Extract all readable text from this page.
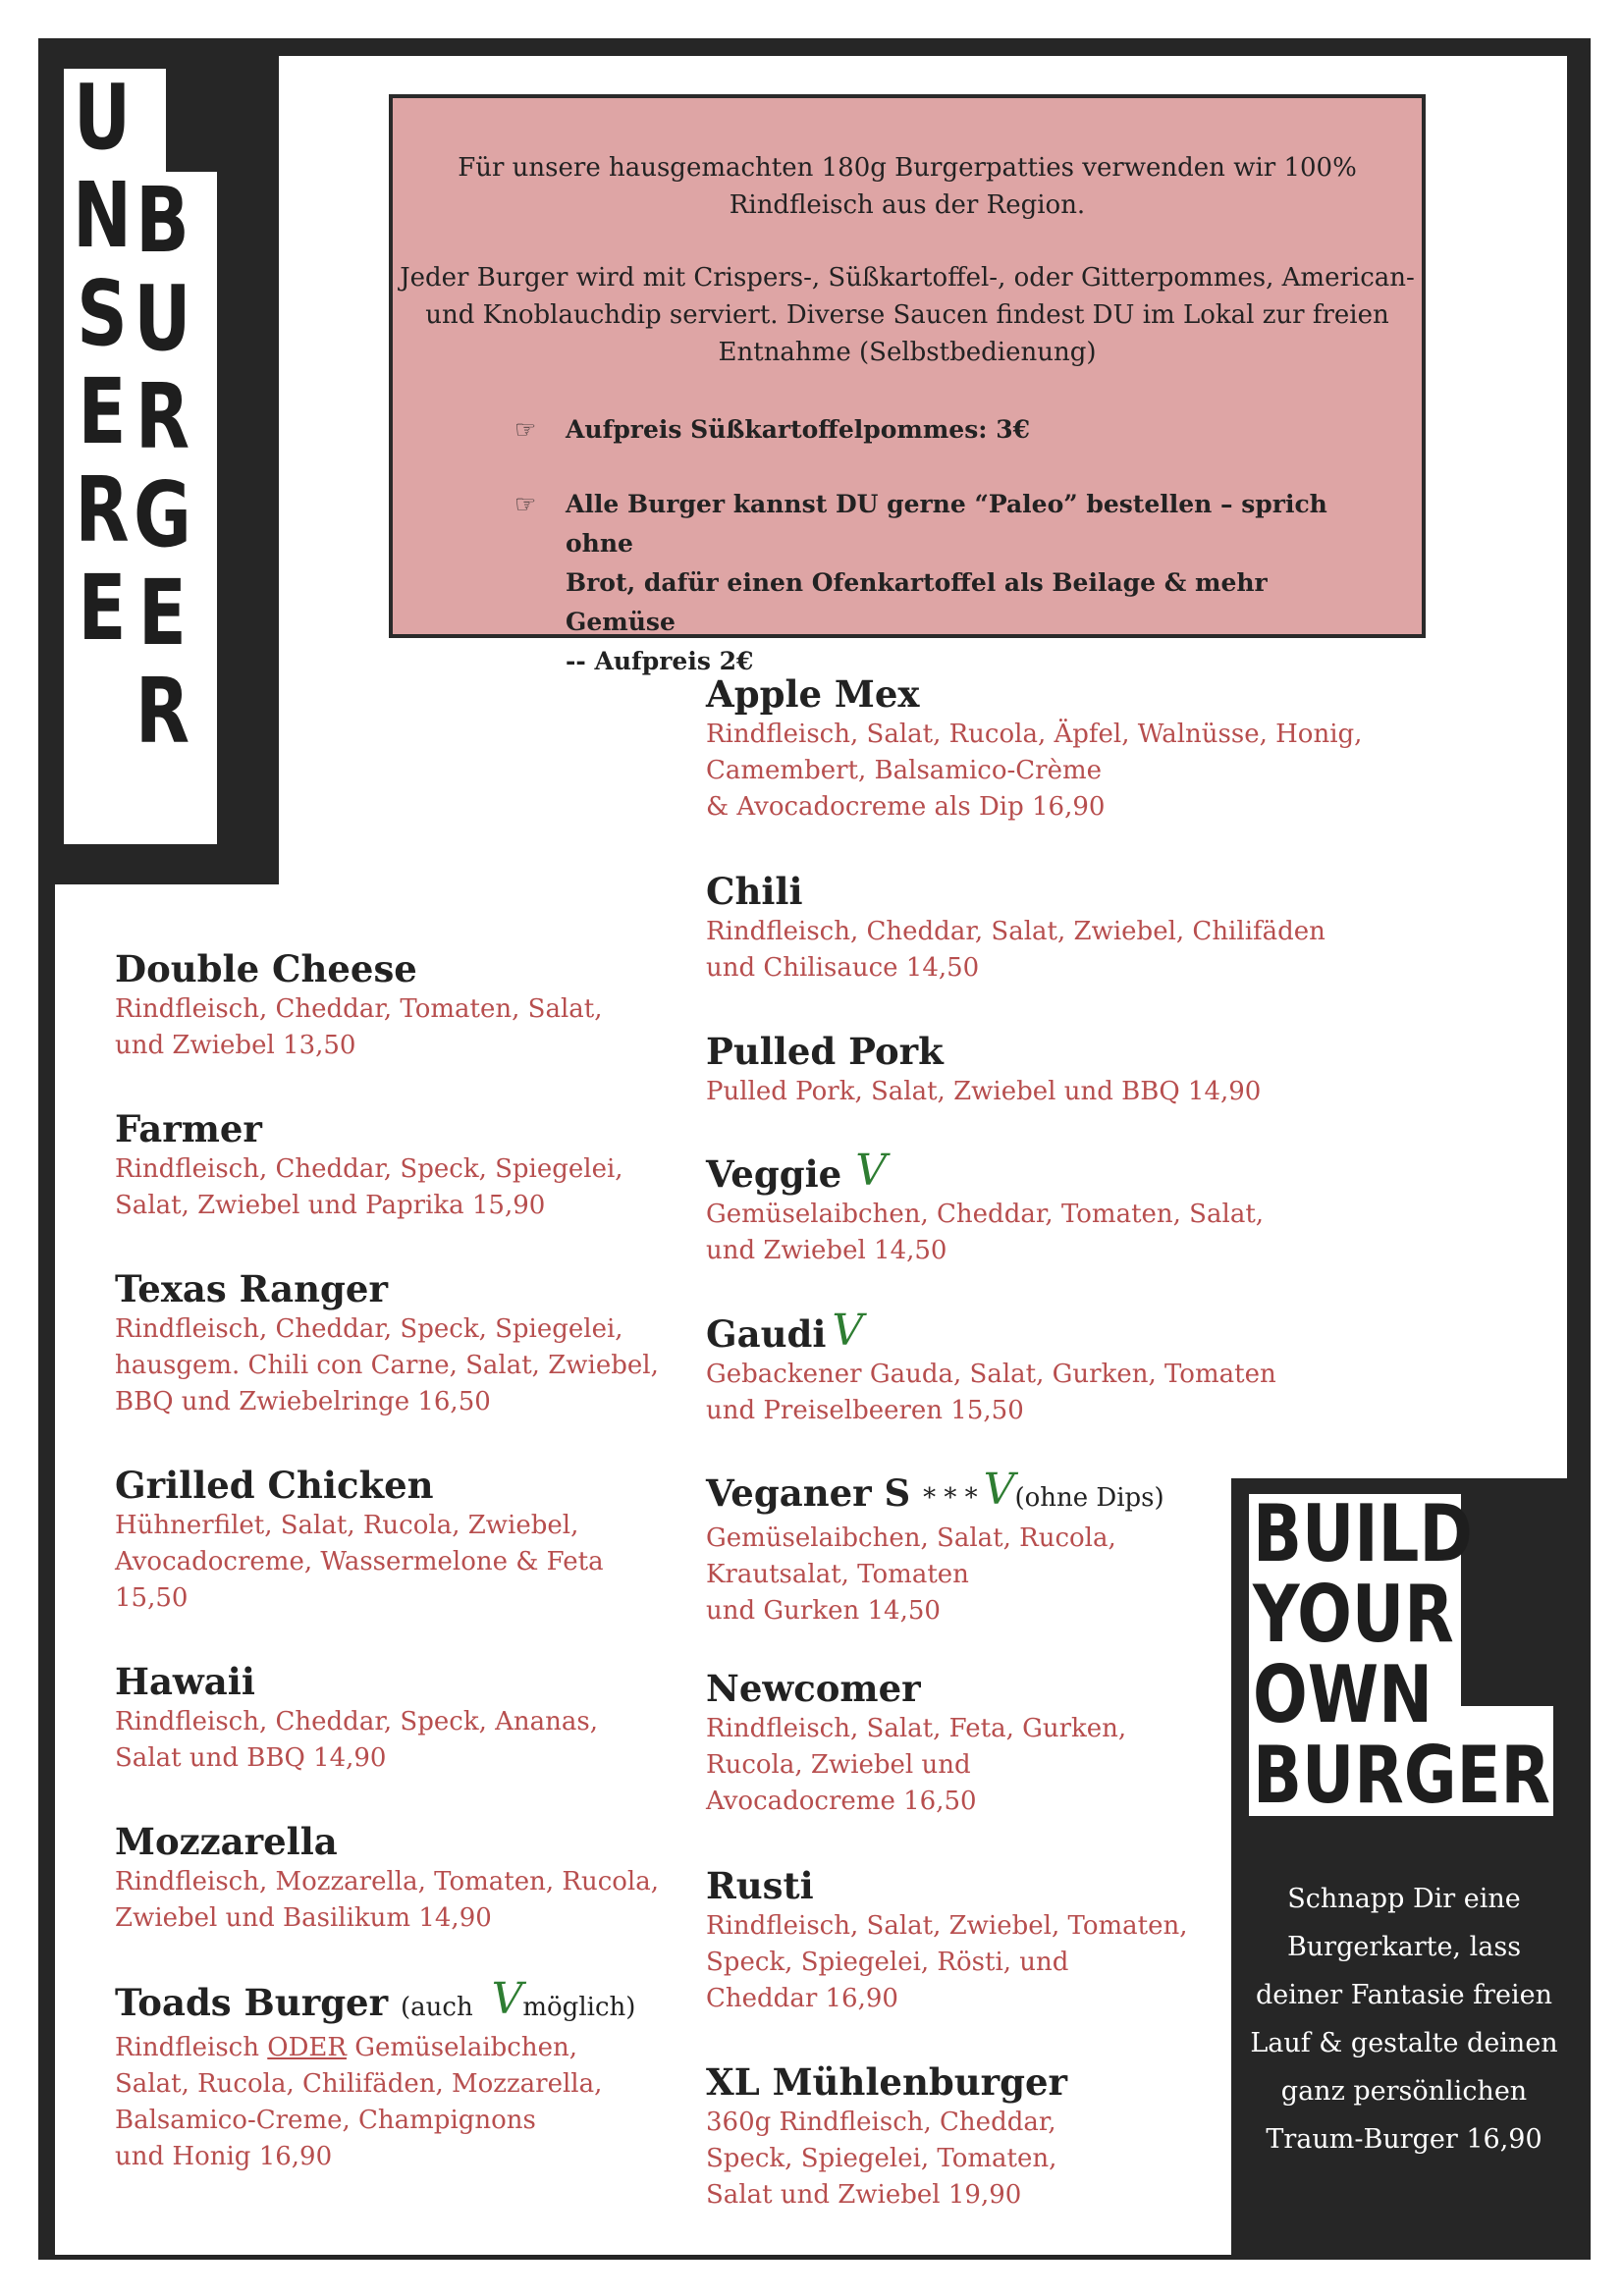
U
N
S
E
R
E
B
U
R
G
E
R

Für unsere hausgemachten 180g Burgerpatties verwenden wir 100%

Rindfleisch aus der Region.

Jeder Burger wird mit Crispers-, Süßkartoffel-, oder Gitterpommes, American-

und Knoblauchdip serviert. Diverse Saucen findest DU im Lokal zur freien

Entnahme (Selbstbedienung)

☞ Aufpreis Süßkartoffelpommes: 3€
☞ Alle Burger kannst DU gerne “Paleo” bestellen – sprich ohne
Brot, dafür einen Ofenkartoffel als Beilage & mehr Gemüse
-- Aufpreis 2€
Double Cheese
Rindfleisch, Cheddar, Tomaten, Salat,
und Zwiebel 13,50
Farmer
Rindfleisch, Cheddar, Speck, Spiegelei,
Salat, Zwiebel und Paprika 15,90
Texas Ranger
Rindfleisch, Cheddar, Speck, Spiegelei,
hausgem. Chili con Carne, Salat, Zwiebel,
BBQ und Zwiebelringe 16,50
Grilled Chicken
Hühnerfilet, Salat, Rucola, Zwiebel,
Avocadocreme, Wassermelone & Feta
15,50
Hawaii
Rindfleisch, Cheddar, Speck, Ananas,
Salat und BBQ 14,90
Mozzarella
Rindfleisch, Mozzarella, Tomaten, Rucola,
Zwiebel und Basilikum 14,90
Toads Burger (auch Vmöglich)
Rindfleisch ODER Gemüselaibchen,
Salat, Rucola, Chilifäden, Mozzarella,
Balsamico-Creme, Champignons
und Honig 16,90
Apple Mex
Rindfleisch, Salat, Rucola, Äpfel, Walnüsse, Honig,
Camembert, Balsamico-Crème
& Avocadocreme als Dip 16,90
Chili
Rindfleisch, Cheddar, Salat, Zwiebel, Chilifäden
und Chilisauce 14,50
Pulled Pork
Pulled Pork, Salat, Zwiebel und BBQ 14,90
Veggie V
Gemüselaibchen, Cheddar, Tomaten, Salat,
und Zwiebel 14,50
Gaudi V
Gebackener Gauda, Salat, Gurken, Tomaten
und Preiselbeeren 15,50
Veganer S * * * V(ohne Dips)
Gemüselaibchen, Salat, Rucola,
Krautsalat, Tomaten
und Gurken 14,50
Newcomer
Rindfleisch, Salat, Feta, Gurken,
Rucola, Zwiebel und
Avocadocreme 16,50
Rusti
Rindfleisch, Salat, Zwiebel, Tomaten,
Speck, Spiegelei, Rösti, und
Cheddar 16,90
XL Mühlenburger
360g Rindfleisch, Cheddar,
Speck, Spiegelei, Tomaten,
Salat und Zwiebel 19,90
BUILD
YOUR
OWN
BURGER
Schnapp Dir eine
Burgerkarte, lass
deiner Fantasie freien
Lauf & gestalte deinen
ganz persönlichen
Traum-Burger 16,90
